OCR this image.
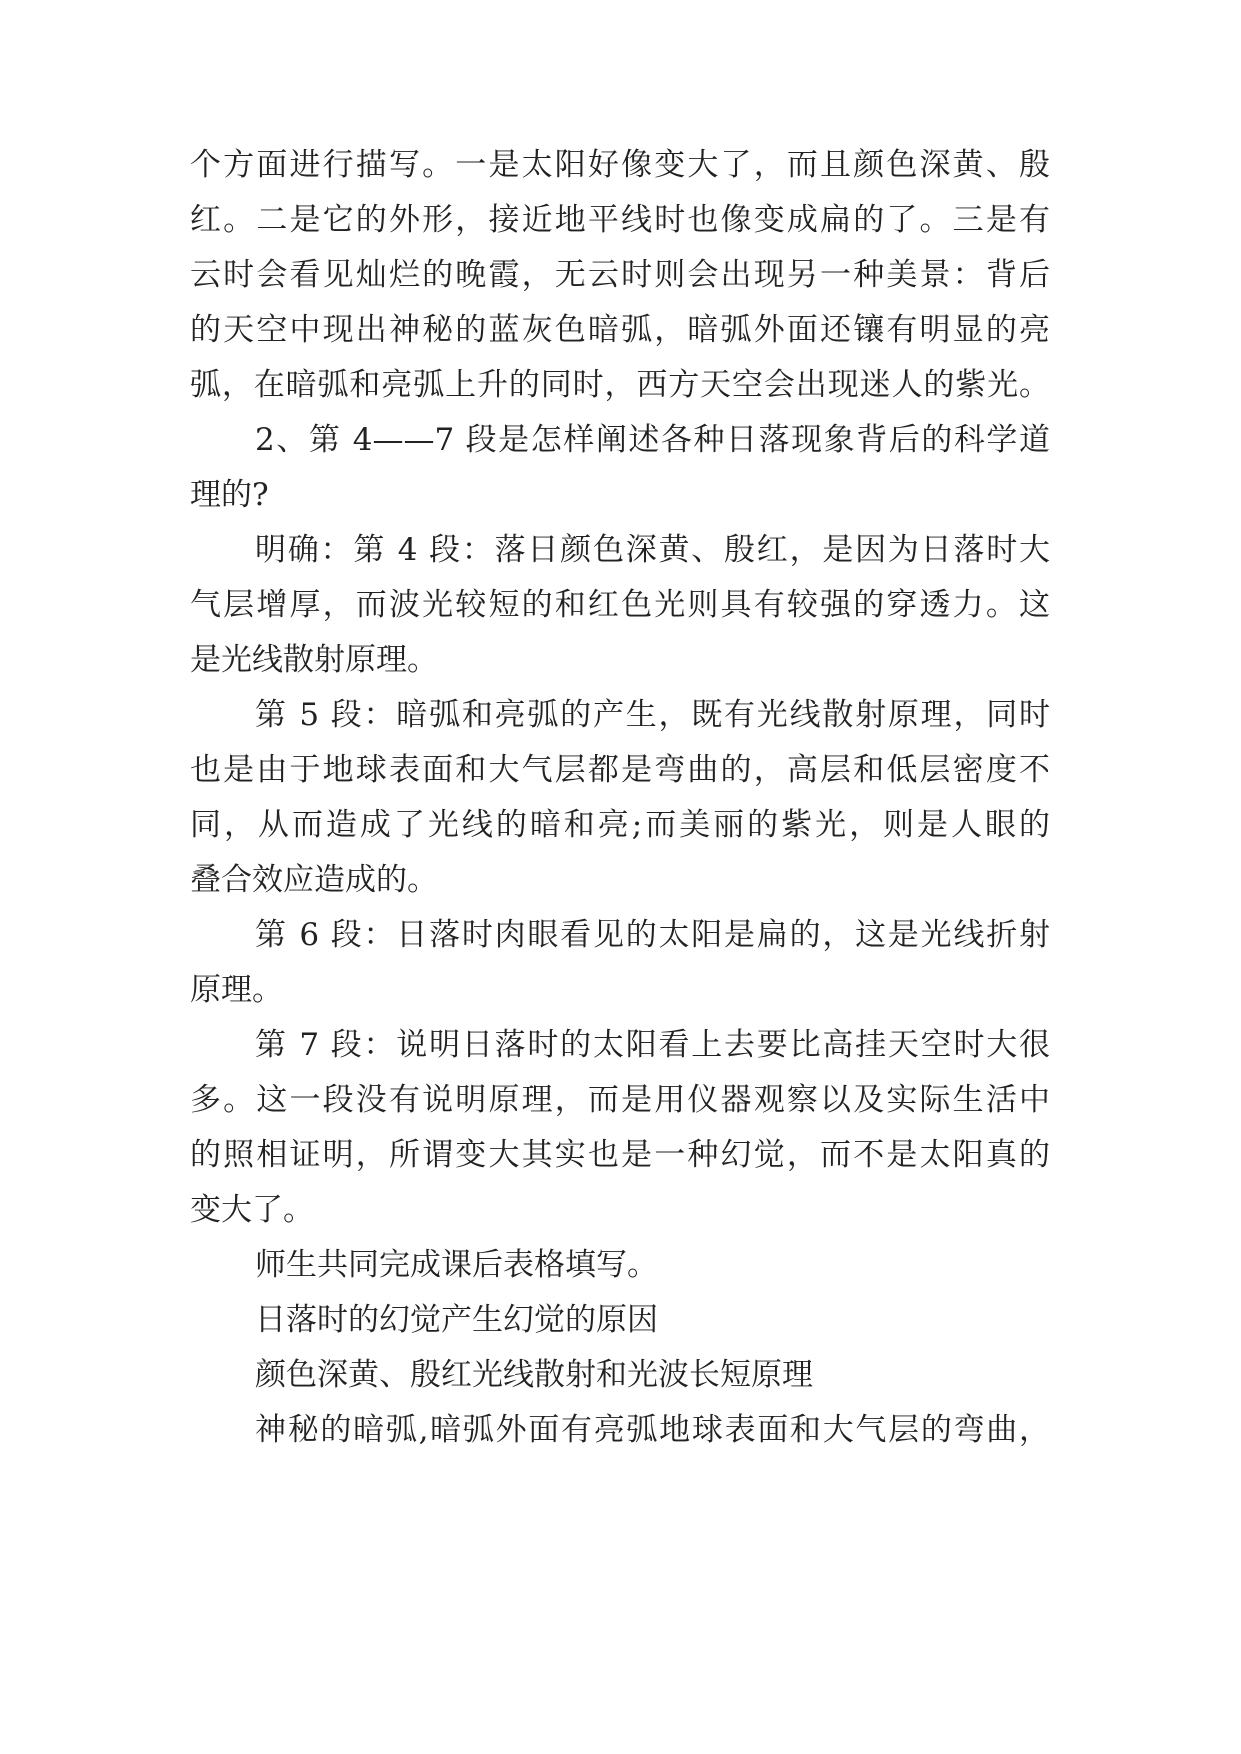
个方面进行描写。一是太阳好像变大了，而且颜色深黄、殷
红。二是它的外形，接近地平线时也像变成扁的了。三是有
云时会看见灿烂的晚霞，无云时则会出现另一种美景：背后
的天空中现出神秘的蓝灰色暗弧，暗弧外面还镶有明显的亮
弧，在暗弧和亮弧上升的同时，西方天空会出现迷人的紫光。
2、第 4——7 段是怎样阐述各种日落现象背后的科学道
理的?
明确：第 4 段：落日颜色深黄、殷红，是因为日落时大
气层增厚，而波光较短的和红色光则具有较强的穿透力。这
是光线散射原理。
第 5 段：暗弧和亮弧的产生，既有光线散射原理，同时
也是由于地球表面和大气层都是弯曲的，高层和低层密度不
同，从而造成了光线的暗和亮;而美丽的紫光，则是人眼的
叠合效应造成的。
第 6 段：日落时肉眼看见的太阳是扁的，这是光线折射
原理。
第 7 段：说明日落时的太阳看上去要比高挂天空时大很
多。这一段没有说明原理，而是用仪器观察以及实际生活中
的照相证明，所谓变大其实也是一种幻觉，而不是太阳真的
变大了。
师生共同完成课后表格填写。
日落时的幻觉产生幻觉的原因
颜色深黄、殷红光线散射和光波长短原理
神秘的暗弧,暗弧外面有亮弧地球表面和大气层的弯曲，
